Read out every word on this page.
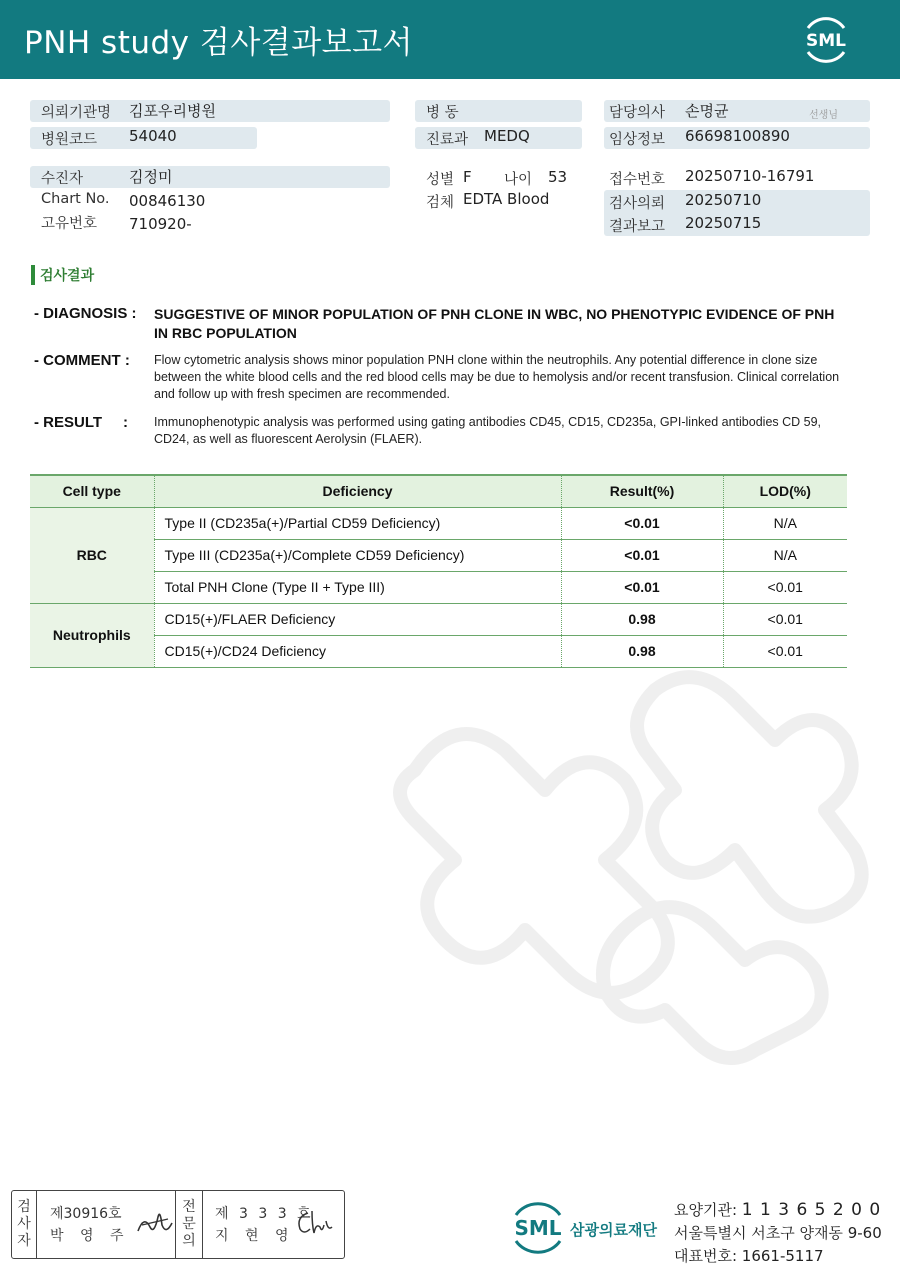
PNH study 검사결과보고서	SML
의뢰기관명 김포우리병원
병원코드 54040
수진자	김정미
Chart No. 00846130
고유번호 710920-
병 동
진료과 MEDQ
성별 F 나이 53
검체 EDTA Blood
담당의사 손명균	선생님
임상정보 66698100890
접수번호 20250710-16791
검사의뢰 20250710
결과보고 20250715
검사결과
- DIAGNOSIS : SUGGESTIVE OF MINOR POPULATION OF PNH CLONE IN WBC, NO PHENOTYPIC EVIDENCE OF PNH IN RBC POPULATION
- COMMENT : Flow cytometric analysis shows minor population PNH clone within the neutrophils. Any potential difference in clone size between the white blood cells and the red blood cells may be due to hemolysis and/or recent transfusion. Clinical correlation and follow up with fresh specimen are recommended.
- RESULT : Immunophenotypic analysis was performed using gating antibodies CD45, CD15, CD235a, GPI-linked antibodies CD 59, CD24, as well as fluorescent Aerolysin (FLAER).
Cell type	Deficiency	Result(%)	LOD(%)
RBC	Type II (CD235a(+)/Partial CD59 Deficiency)	<0.01	N/A
	Type III (CD235a(+)/Complete CD59 Deficiency)	<0.01	N/A
	Total PNH Clone (Type II + Type III)	<0.01	<0.01
Neutrophils	CD15(+)/FLAER Deficiency	0.98	<0.01
	CD15(+)/CD24 Deficiency	0.98	<0.01
검
사
자
제30916호
박 영 주
전
문
의
제 3 3 3 호
지 현 영	SML 삼광의료재단
요양기관: 1 1 3 6 5 2 0 0
서울특별시 서초구 양재동 9-60
대표번호: 1661-5117
